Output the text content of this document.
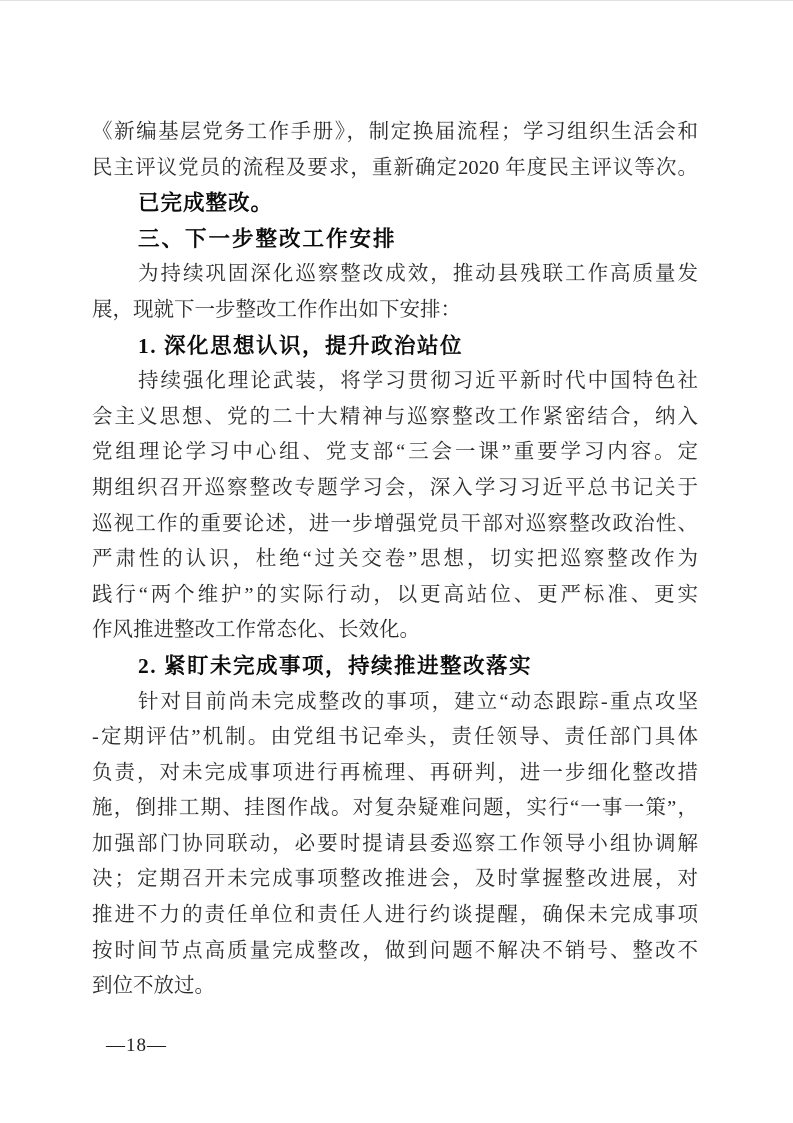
《新编基层党务工作手册》，制定换届流程；学习组织生活会和
民主评议党员的流程及要求，重新确定2020 年度民主评议等次。
已完成整改。
三、下一步整改工作安排
为持续巩固深化巡察整改成效，推动县残联工作高质量发
展，现就下一步整改工作作出如下安排：
1. 深化思想认识，提升政治站位
持续强化理论武装，将学习贯彻习近平新时代中国特色社
会主义思想、党的二十大精神与巡察整改工作紧密结合，纳入
党组理论学习中心组、党支部“三会一课”重要学习内容。定
期组织召开巡察整改专题学习会，深入学习习近平总书记关于
巡视工作的重要论述，进一步增强党员干部对巡察整改政治性、
严肃性的认识，杜绝“过关交卷”思想，切实把巡察整改作为
践行“两个维护”的实际行动，以更高站位、更严标准、更实
作风推进整改工作常态化、长效化。
2. 紧盯未完成事项，持续推进整改落实
针对目前尚未完成整改的事项，建立“动态跟踪-重点攻坚
-定期评估”机制。由党组书记牵头，责任领导、责任部门具体
负责，对未完成事项进行再梳理、再研判，进一步细化整改措
施，倒排工期、挂图作战。对复杂疑难问题，实行“一事一策”，
加强部门协同联动，必要时提请县委巡察工作领导小组协调解
决；定期召开未完成事项整改推进会，及时掌握整改进展，对
推进不力的责任单位和责任人进行约谈提醒，确保未完成事项
按时间节点高质量完成整改，做到问题不解决不销号、整改不
到位不放过。
—18—
